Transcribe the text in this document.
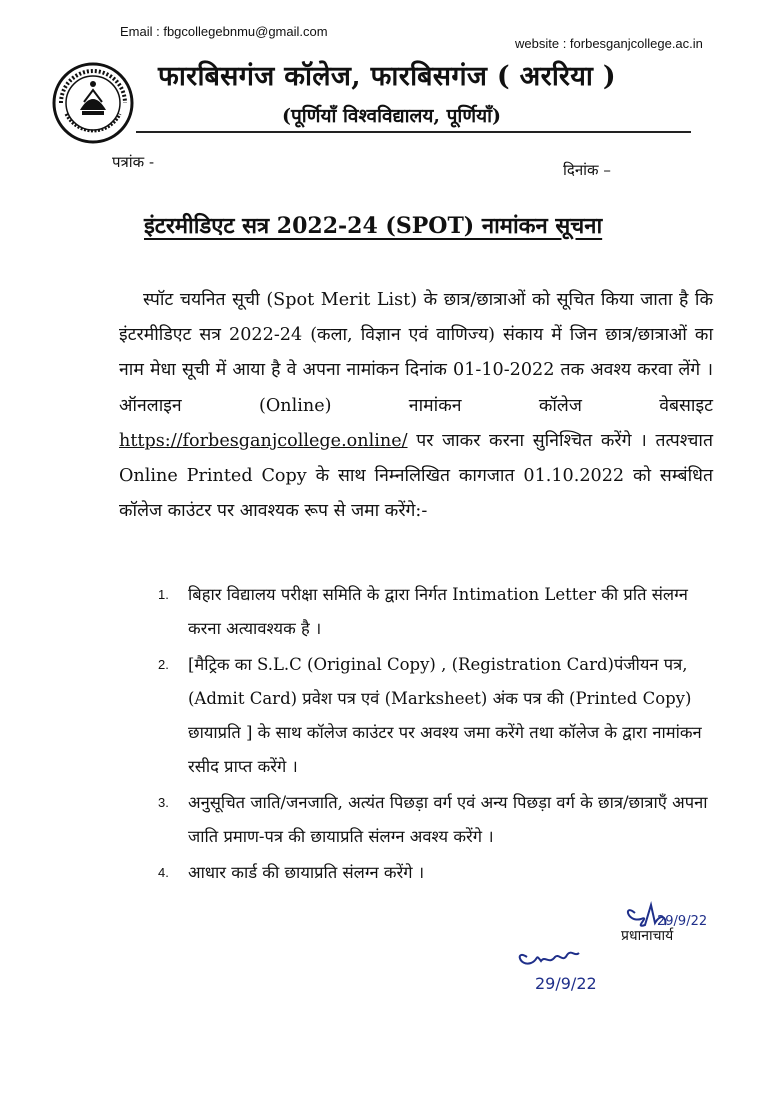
Email : fbgcollegebnmu@gmail.com
website : forbesganjcollege.ac.in
फारबिसगंज कॉलेज, फारबिसगंज ( अररिया )
(पूर्णियाँ विश्वविद्यालय, पूर्णियाँ)
पत्रांक -	दिनांक –
इंटरमीडिएट सत्र 2022-24 (SPOT) नामांकन सूचना
स्पॉट चयनित सूची (Spot Merit List) के छात्र/छात्राओं को सूचित किया जाता है कि इंटरमीडिएट सत्र 2022-24 (कला, विज्ञान एवं वाणिज्य) संकाय में जिन छात्र/छात्राओं का नाम मेधा सूची में आया है वे अपना नामांकन दिनांक 01-10-2022 तक अवश्य करवा लेंगे । ऑनलाइन (Online) नामांकन कॉलेज वेबसाइट https://forbesganjcollege.online/ पर जाकर करना सुनिश्चित करेंगे । तत्पश्चात Online Printed Copy के साथ निम्नलिखित कागजात 01.10.2022 को सम्बंधित कॉलेज काउंटर पर आवश्यक रूप से जमा करेंगे:-
1. बिहार विद्यालय परीक्षा समिति के द्वारा निर्गत Intimation Letter की प्रति संलग्न करना अत्यावश्यक है ।
2. [मैट्रिक का S.L.C (Original Copy) , (Registration Card)पंजीयन पत्र, (Admit Card) प्रवेश पत्र एवं (Marksheet) अंक पत्र की (Printed Copy) छायाप्रति ] के साथ कॉलेज काउंटर पर अवश्य जमा करेंगे तथा कॉलेज के द्वारा नामांकन रसीद प्राप्त करेंगे ।
3. अनुसूचित जाति/जनजाति, अत्यंत पिछड़ा वर्ग एवं अन्य पिछड़ा वर्ग के छात्र/छात्राएँ अपना जाति प्रमाण-पत्र की छायाप्रति संलग्न अवश्य करेंगे ।
4. आधार कार्ड की छायाप्रति संलग्न करेंगे ।
29/9/22
प्रधानाचार्य
29/9/22
